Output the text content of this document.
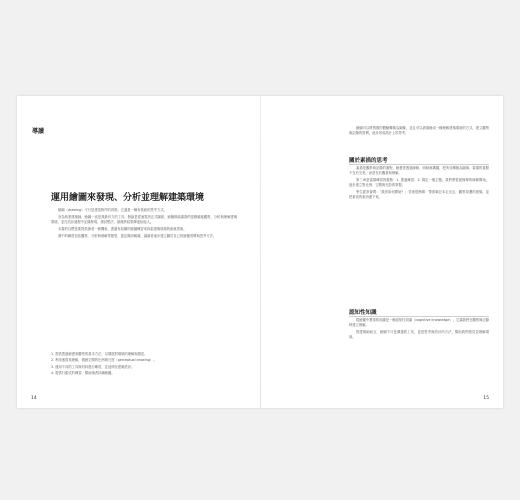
導讀
運用繪圖來發現、分析並理解建築環境

繪圖（drawing）不只是建造物件的再現；它還是一種有系統的思考方式。

身為執業建築師，繪圖一直是我最有力的工具。無論是從速寫到正式圖面，繪圖都能讓我們更精確地觀察、分析與理解建築環境，並在設計過程中記錄發現、測試想法，最後將結果傳達給他人。

本書的目標是要提供讀者一個機會，透過有結構的繪圖練習來探索建築環境的創意思維。

書中的練習包括觀察、分析與理解等類型，從記錄到解讀，讓讀者逐步建立屬於自己的繪圖習慣與思考方法。

1. 提供透過繪畫來觀察的基本方法，以增進對環境的理解與描述。
2. 利用速寫來理解，測繪空間的比例與尺度（perceptual drawing）。
3. 運用不同的工具與材料進行練習，並延伸至建築設計。
4. 提供行動式的練習，幫助讀者持續繪圖。
14

繪圖可以將感覺的體驗轉換為圖像，並且可以被描繪成一種理解建築環境的方式，建立觀察與記錄的習慣，逐步形成設計上的思考。

關於素描的思考

素描是觀察與記錄的過程，繪畫者透過線條、明暗與構圖，把所見轉換為圖像。素描的重點不在於完美，而是在於觀看與理解。

第三章是素描練習的重點：1. 透過練習；2. 測定一個主題。我們將從最簡單的線條開始，逐步建立對比例、空間與光影的掌握。

學生經常會問：「我該如何開始？」答案很簡單：帶著筆記本走出去，觀察周遭的建築，並把看到的東西畫下來。

認知性知識

從繪圖中獲得的知識是一種認知性知識（cognitive knowledge），它讓我們在觀察與記錄時建立理解。

對建築師而言，繪圖不只是溝通的工具，更是思考與設計的方法，幫助我們看見並理解環境。

15
